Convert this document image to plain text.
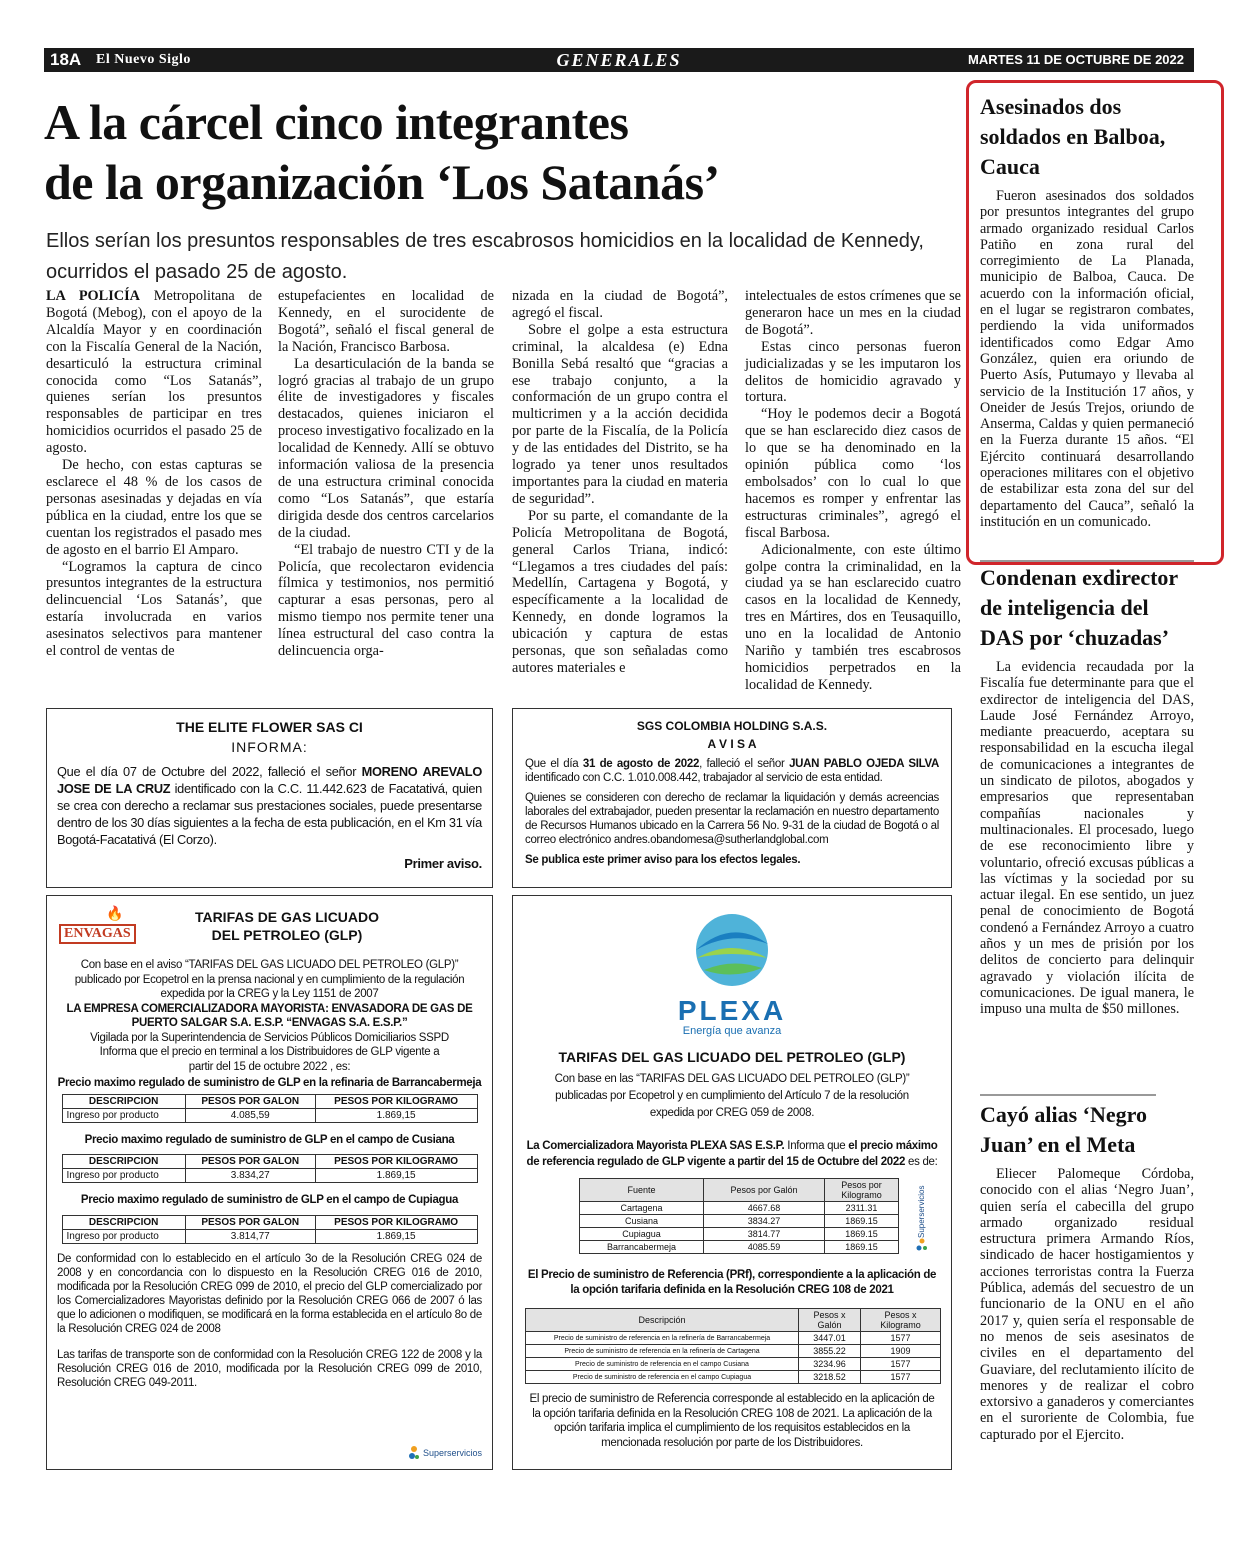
18A El Nuevo Siglo	GENERALES	MARTES 11 DE OCTUBRE DE 2022
A la cárcel cinco integrantes
de la organización ‘Los Satanás’
Ellos serían los presuntos responsables de tres escabrosos homicidios en la localidad de Kennedy, ocurridos el pasado 25 de agosto.

LA POLICÍA Metropolitana de Bogotá (Mebog), con el apoyo de la Alcaldía Mayor y en coordinación con la Fiscalía General de la Nación, desarticuló la estructura criminal conocida como “Los Satanás”, quienes serían los presuntos responsables de participar en tres homicidios ocurridos el pasado 25 de agosto.

De hecho, con estas capturas se esclarece el 48 % de los casos de personas asesinadas y dejadas en vía pública en la ciudad, entre los que se cuentan los registrados el pasado mes de agosto en el barrio El Amparo.

“Logramos la captura de cinco presuntos integrantes de la estructura delincuencial ‘Los Satanás’, que estaría involucrada en varios asesinatos selectivos para mantener el control de ventas de

estupefacientes en localidad de Kennedy, en el surocidente de Bogotá”, señaló el fiscal general de la Nación, Francisco Barbosa.

La desarticulación de la banda se logró gracias al trabajo de un grupo élite de investigadores y fiscales destacados, quienes iniciaron el proceso investigativo focalizado en la localidad de Kennedy. Allí se obtuvo información valiosa de la presencia de una estructura criminal conocida como “Los Satanás”, que estaría dirigida desde dos centros carcelarios de la ciudad.

“El trabajo de nuestro CTI y de la Policía, que recolectaron evidencia fílmica y testimonios, nos permitió capturar a esas personas, pero al mismo tiempo nos permite tener una línea estructural del caso contra la delincuencia orga-

nizada en la ciudad de Bogotá”, agregó el fiscal.

Sobre el golpe a esta estructura criminal, la alcaldesa (e) Edna Bonilla Sebá resaltó que “gracias a ese trabajo conjunto, a la conformación de un grupo contra el multicrimen y a la acción decidida por parte de la Fiscalía, de la Policía y de las entidades del Distrito, se ha logrado ya tener unos resultados importantes para la ciudad en materia de seguridad”.

Por su parte, el comandante de la Policía Metropolitana de Bogotá, general Carlos Triana, indicó: “Llegamos a tres ciudades del país: Medellín, Cartagena y Bogotá, y específicamente a la localidad de Kennedy, en donde logramos la ubicación y captura de estas personas, que son señaladas como autores materiales e

intelectuales de estos crímenes que se generaron hace un mes en la ciudad de Bogotá”.

Estas cinco personas fueron judicializadas y se les imputaron los delitos de homicidio agravado y tortura.

“Hoy le podemos decir a Bogotá que se han esclarecido diez casos de lo que se ha denominado en la opinión pública como ‘los embolsados’ con lo cual lo que hacemos es romper y enfrentar las estructuras criminales”, agregó el fiscal Barbosa.

Adicionalmente, con este último golpe contra la criminalidad, en la ciudad ya se han esclarecido cuatro casos en la localidad de Kennedy, tres en Mártires, dos en Teusaquillo, uno en la localidad de Antonio Nariño y también tres escabrosos homicidios perpetrados en la localidad de Kennedy.

Asesinados dos soldados en Balboa, Cauca

Fueron asesinados dos soldados por presuntos integrantes del grupo armado organizado residual Carlos Patiño en zona rural del corregimiento de La Planada, municipio de Balboa, Cauca. De acuerdo con la información oficial, en el lugar se registraron combates, perdiendo la vida uniformados identificados como Edgar Amo González, quien era oriundo de Puerto Asís, Putumayo y llevaba al servicio de la Institución 17 años, y Oneider de Jesús Trejos, oriundo de Anserma, Caldas y quien permaneció en la Fuerza durante 15 años. “El Ejército continuará desarrollando operaciones militares con el objetivo de estabilizar esta zona del sur del departamento del Cauca”, señaló la institución en un comunicado.

Condenan exdirector de inteligencia del DAS por ‘chuzadas’

La evidencia recaudada por la Fiscalía fue determinante para que el exdirector de inteligencia del DAS, Laude José Fernández Arroyo, mediante preacuerdo, aceptara su responsabilidad en la escucha ilegal de comunicaciones a integrantes de un sindicato de pilotos, abogados y empresarios que representaban compañías nacionales y multinacionales. El procesado, luego de ese reconocimiento libre y voluntario, ofreció excusas públicas a las víctimas y la sociedad por su actuar ilegal. En ese sentido, un juez penal de conocimiento de Bogotá condenó a Fernández Arroyo a cuatro años y un mes de prisión por los delitos de concierto para delinquir agravado y violación ilícita de comunicaciones. De igual manera, le impuso una multa de $50 millones.

Cayó alias ‘Negro Juan’ en el Meta

Eliecer Palomeque Córdoba, conocido con el alias ‘Negro Juan’, quien sería el cabecilla del grupo armado organizado residual estructura primera Armando Ríos, sindicado de hacer hostigamientos y acciones terroristas contra la Fuerza Pública, además del secuestro de un funcionario de la ONU en el año 2017 y, quien sería el responsable de no menos de seis asesinatos de civiles en el departamento del Guaviare, del reclutamiento ilícito de menores y de realizar el cobro extorsivo a ganaderos y comerciantes en el suroriente de Colombia, fue capturado por el Ejercito.

THE ELITE FLOWER SAS CI
INFORMA:
Que el día 07 de Octubre del 2022, falleció el señor MORENO AREVALO JOSE DE LA CRUZ identificado con la C.C. 11.442.623 de Facatativá, quien se crea con derecho a reclamar sus prestaciones sociales, puede presentarse dentro de los 30 días siguientes a la fecha de esta publicación, en el Km 31 vía Bogotá-Facatativá (El Corzo).
Primer aviso.
SGS COLOMBIA HOLDING S.A.S.
A V I S A
Que el día 31 de agosto de 2022, falleció el señor JUAN PABLO OJEDA SILVA identificado con C.C. 1.010.008.442, trabajador al servicio de esta entidad.
Quienes se consideren con derecho de reclamar la liquidación y demás acreencias laborales del extrabajador, pueden presentar la reclamación en nuestro departamento de Recursos Humanos ubicado en la Carrera 56 No. 9-31 de la ciudad de Bogotá o al correo electrónico andres.obandomesa@sutherlandglobal.com
Se publica este primer aviso para los efectos legales.
ENVAGAS
🔥	TARIFAS DE GAS LICUADO
DEL PETROLEO (GLP)
Con base en el aviso “TARIFAS DEL GAS LICUADO DEL PETROLEO (GLP)” publicado por Ecopetrol en la prensa nacional y en cumplimiento de la regulación expedida por la CREG y la Ley 1151 de 2007
LA EMPRESA COMERCIALIZADORA MAYORISTA: ENVASADORA DE GAS DE PUERTO SALGAR S.A. E.S.P. “ENVAGAS S.A. E.S.P.”
Vigilada por la Superintendencia de Servicios Públicos Domiciliarios SSPD
Informa que el precio en terminal a los Distribuidores de GLP vigente a partir del 15 de octubre 2022 , es:
Precio maximo regulado de suministro de GLP en la refinaria de Barrancabermeja
DESCRIPCION	PESOS POR GALON	PESOS POR KILOGRAMO
Ingreso por producto	4.085,59	1.869,15
Precio maximo regulado de suministro de GLP en el campo de Cusiana
DESCRIPCION	PESOS POR GALON	PESOS POR KILOGRAMO
Ingreso por producto	3.834,27	1.869,15
Precio maximo regulado de suministro de GLP en el campo de Cupiagua
DESCRIPCION	PESOS POR GALON	PESOS POR KILOGRAMO
Ingreso por producto	3.814,77	1.869,15
De conformidad con lo establecido en el artículo 3o de la Resolución CREG 024 de 2008 y en concordancia con lo dispuesto en la Resolución CREG 016 de 2010, modificada por la Resolución CREG 099 de 2010, el precio del GLP comercializado por los Comercializadores Mayoristas definido por la Resolución CREG 066 de 2007 ó las que lo adicionen o modifiquen, se modificará en la forma establecida en el artículo 8o de la Resolución CREG 024 de 2008
Las tarifas de transporte son de conformidad con la Resolución CREG 122 de 2008 y la Resolución CREG 016 de 2010, modificada por la Resolución CREG 099 de 2010, Resolución CREG 049-2011.
Superservicios
PLEXA
Energía que avanza
TARIFAS DEL GAS LICUADO DEL PETROLEO (GLP)
Con base en las “TARIFAS DEL GAS LICUADO DEL PETROLEO (GLP)” publicadas por Ecopetrol y en cumplimiento del Artículo 7 de la resolución expedida por CREG 059 de 2008.
La Comercializadora Mayorista PLEXA SAS E.S.P. Informa que el precio máximo de referencia regulado de GLP vigente a partir del 15 de Octubre del 2022 es de:
Fuente	Pesos por Galón	Pesos por Kilogramo
Cartagena	4667.68	2311.31
Cusiana	3834.27	1869.15
Cupiagua	3814.77	1869.15
Barrancabermeja	4085.59	1869.15
Superservicios
El Precio de suministro de Referencia (PRf), correspondiente a la aplicación de la opción tarifaria definida en la Resolución CREG 108 de 2021
Descripción	Pesos x Galón	Pesos x Kilogramo
Precio de suministro de referencia en la refinería de Barrancabermeja	3447.01	1577
Precio de suministro de referencia en la refinería de Cartagena	3855.22	1909
Precio de suministro de referencia en el campo Cusiana	3234.96	1577
Precio de suministro de referencia en el campo Cupiagua	3218.52	1577
El precio de suministro de Referencia corresponde al establecido en la aplicación de la opción tarifaria definida en la Resolución CREG 108 de 2021. La aplicación de la opción tarifaria implica el cumplimiento de los requisitos establecidos en la mencionada resolución por parte de los Distribuidores.
